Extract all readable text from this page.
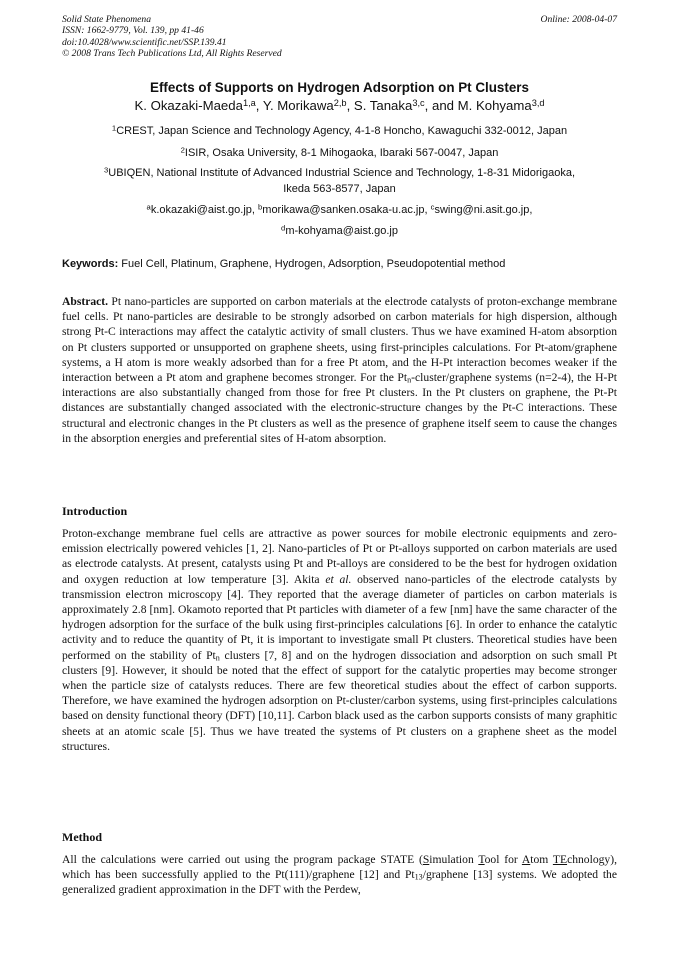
Solid State Phenomena	Online: 2008-04-07
ISSN: 1662-9779, Vol. 139, pp 41-46
doi:10.4028/www.scientific.net/SSP.139.41
© 2008 Trans Tech Publications Ltd, All Rights Reserved
Effects of Supports on Hydrogen Adsorption on Pt Clusters
K. Okazaki-Maeda$^{1,a}$, Y. Morikawa$^{2,b}$, S. Tanaka$^{3,c}$, and M. Kohyama$^{3,d}$
$^1$CREST, Japan Science and Technology Agency, 4-1-8 Honcho, Kawaguchi 332-0012, Japan
$^2$ISIR, Osaka University, 8-1 Mihogaoka, Ibaraki 567-0047, Japan
$^3$UBIQEN, National Institute of Advanced Industrial Science and Technology, 1-8-31 Midorigaoka,
Ikeda 563-8577, Japan
$^a$k.okazaki@aist.go.jp, $^b$morikawa@sanken.osaka-u.ac.jp, $^c$swing@ni.asit.go.jp,
$^d$m-kohyama@aist.go.jp
Keywords: Fuel Cell, Platinum, Graphene, Hydrogen, Adsorption, Pseudopotential method
Abstract. Pt nano-particles are supported on carbon materials at the electrode catalysts of proton-exchange membrane fuel cells. Pt nano-particles are desirable to be strongly adsorbed on carbon materials for high dispersion, although strong Pt-C interactions may affect the catalytic activity of small clusters. Thus we have examined H-atom absorption on Pt clusters supported or unsupported on graphene sheets, using first-principles calculations. For Pt-atom/graphene systems, a H atom is more weakly adsorbed than for a free Pt atom, and the H-Pt interaction becomes weaker if the interaction between a Pt atom and graphene becomes stronger. For the $Pt_n-cluster$/graphene systems (n=2-4), the H-Pt interactions are also substantially changed from those for free Pt clusters. In the Pt clusters on graphene, the Pt-Pt distances are substantially changed associated with the electronic-structure changes by the Pt-C interactions. These structural and electronic changes in the Pt clusters as well as the presence of graphene itself seem to cause the changes in the absorption energies and preferential sites of H-atom absorption.
Introduction
Proton-exchange membrane fuel cells are attractive as power sources for mobile electronic equipments and zero-emission electrically powered vehicles [1, 2]. Nano-particles of Pt or Pt-alloys supported on carbon materials are used as electrode catalysts. At present, catalysts using Pt and Pt-alloys are considered to be the best for hydrogen oxidation and oxygen reduction at low temperature [3]. Akita et al. observed nano-particles of the electrode catalysts by transmission electron microscopy [4]. They reported that the average diameter of particles on carbon materials is approximately 2.8 [nm]. Okamoto reported that Pt particles with diameter of a few [nm] have the same character of the hydrogen adsorption for the surface of the bulk using first-principles calculations [6]. In order to enhance the catalytic activity and to reduce the quantity of Pt, it is important to investigate small Pt clusters. Theoretical studies have been performed on the stability of $Pt_n$ clusters [7, 8] and on the hydrogen dissociation and adsorption on such small Pt clusters [9]. However, it should be noted that the effect of support for the catalytic properties may become stronger when the particle size of catalysts reduces. There are few theoretical studies about the effect of carbon supports. Therefore, we have examined the hydrogen adsorption on Pt-cluster/carbon systems, using first-principles calculations based on density functional theory (DFT) [10,11]. Carbon black used as the carbon supports consists of many graphitic sheets at an atomic scale [5]. Thus we have treated the systems of Pt clusters on a graphene sheet as the model structures.
Method
All the calculations were carried out using the program package STATE (Simulation Tool for Atom TEchnology), which has been successfully applied to the Pt(111)/graphene [12] and $Pt_{13}$/graphene [13] systems. We adopted the generalized gradient approximation in the DFT with the Perdew,
